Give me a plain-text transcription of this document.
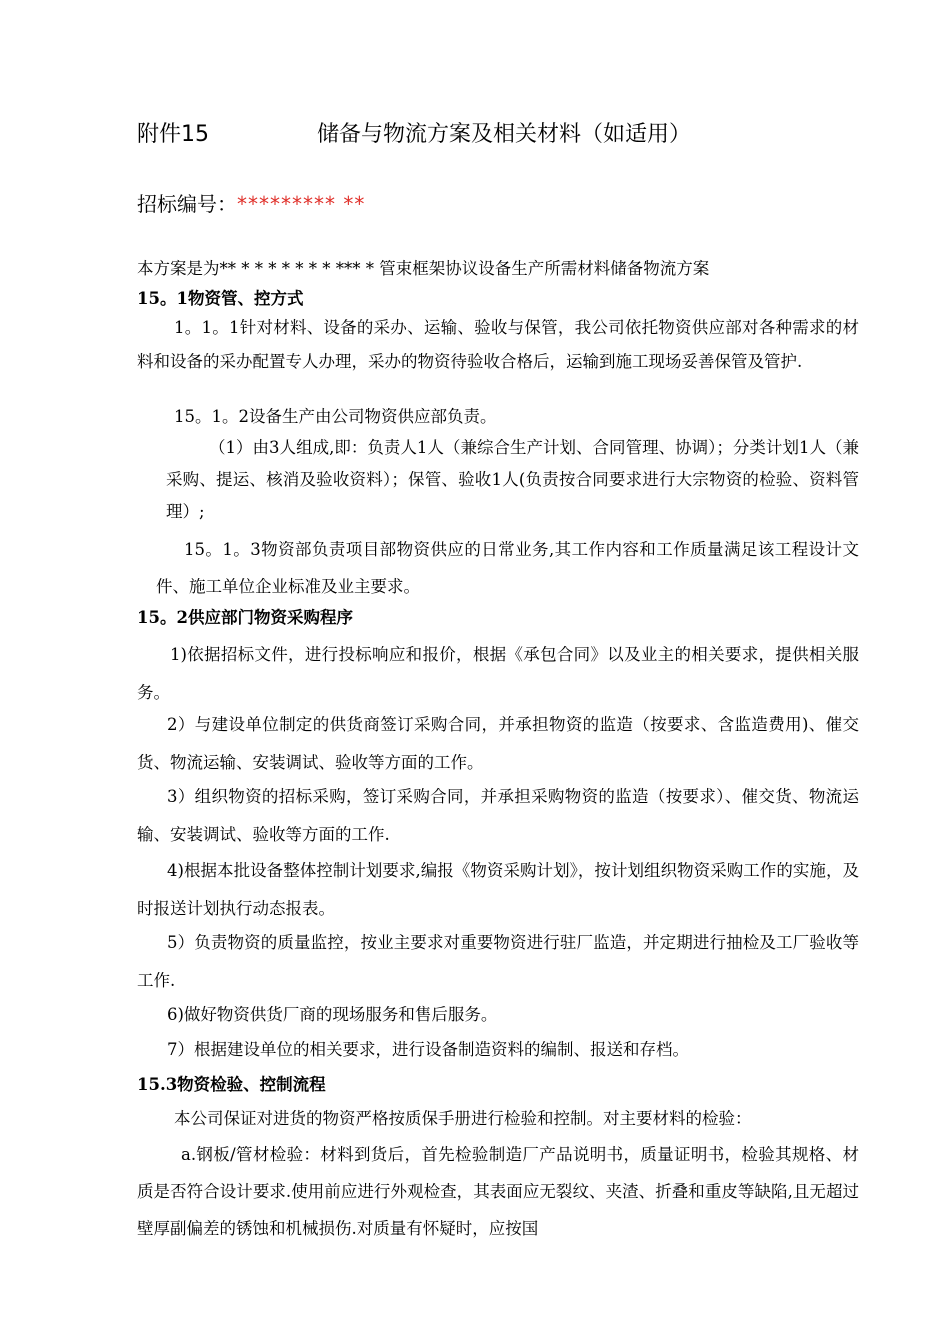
附件15	储备与物流方案及相关材料（如适用）
招标编号：********* **
本方案是为** * * * * * * * *** * 管束框架协议设备生产所需材料储备物流方案

15。1物资管、控方式

1。1。1针对材料、设备的采办、运输、验收与保管，我公司依托物资供应部对各种需求的材料和设备的采办配置专人办理，采办的物资待验收合格后，运输到施工现场妥善保管及管护.
15。1。2设备生产由公司物资供应部负责。
（1）由3人组成,即：负责人1人（兼综合生产计划、合同管理、协调）；分类计划1人（兼采购、提运、核消及验收资料）；保管、验收1人(负责按合同要求进行大宗物资的检验、资料管理）;
15。1。3物资部负责项目部物资供应的日常业务,其工作内容和工作质量满足该工程设计文件、施工单位企业标准及业主要求。

15。2供应部门物资采购程序

1)依据招标文件，进行投标响应和报价，根据《承包合同》以及业主的相关要求，提供相关服务。
2）与建设单位制定的供货商签订采购合同，并承担物资的监造（按要求、含监造费用)、催交货、物流运输、安装调试、验收等方面的工作。
3）组织物资的招标采购，签订采购合同，并承担采购物资的监造（按要求）、催交货、物流运输、安装调试、验收等方面的工作.
4)根据本批设备整体控制计划要求,编报《物资采购计划》，按计划组织物资采购工作的实施，及时报送计划执行动态报表。
5）负责物资的质量监控，按业主要求对重要物资进行驻厂监造，并定期进行抽检及工厂验收等工作.
6)做好物资供货厂商的现场服务和售后服务。
7）根据建设单位的相关要求，进行设备制造资料的编制、报送和存档。

15.3物资检验、控制流程

本公司保证对进货的物资严格按质保手册进行检验和控制。对主要材料的检验：
a.钢板/管材检验：材料到货后，首先检验制造厂产品说明书，质量证明书，检验其规格、材质是否符合设计要求.使用前应进行外观检查，其表面应无裂纹、夹渣、折叠和重皮等缺陷,且无超过壁厚副偏差的锈蚀和机械损伤.对质量有怀疑时，应按国
